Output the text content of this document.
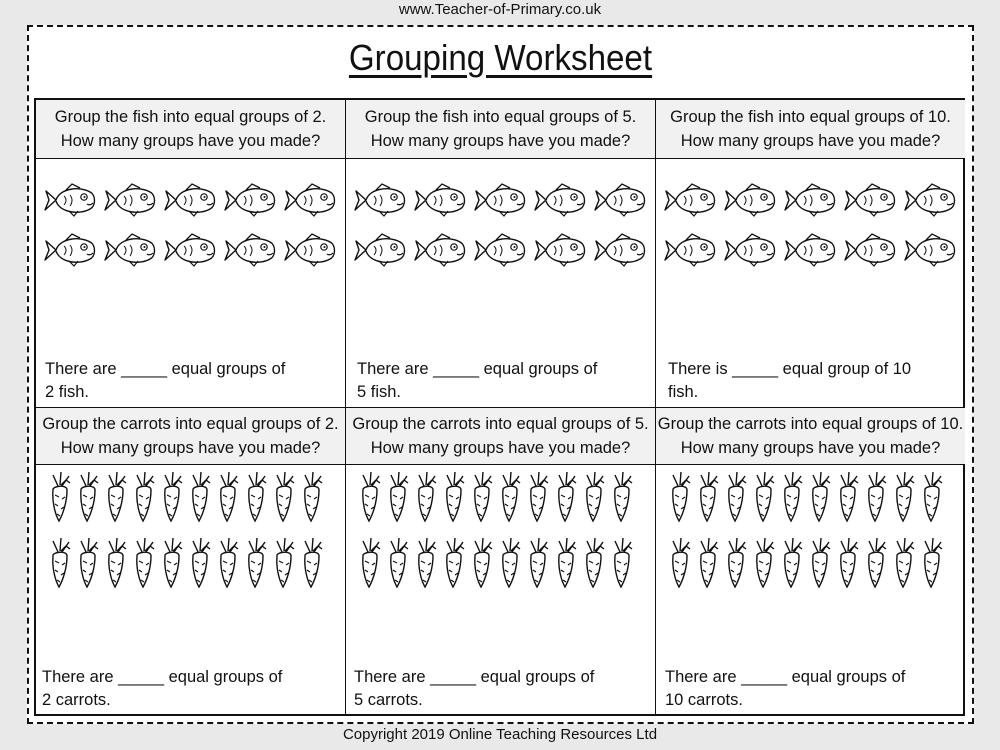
www.Teacher-of-Primary.co.uk
Grouping Worksheet
Group the fish into equal groups of 2.
How many groups have you made?
There are _____ equal groups of
2 fish.
Group the fish into equal groups of 5.
How many groups have you made?
There are _____ equal groups of
5 fish.
Group the fish into equal groups of 10.
How many groups have you made?
There is _____ equal group of 10
fish.
Group the carrots into equal groups of 2.
How many groups have you made?
There are _____ equal groups of
2 carrots.
Group the carrots into equal groups of 5.
How many groups have you made?
There are _____ equal groups of
5 carrots.
Group the carrots into equal groups of 10.
How many groups have you made?
There are _____ equal groups of
10 carrots.
Copyright 2019 Online Teaching Resources Ltd
